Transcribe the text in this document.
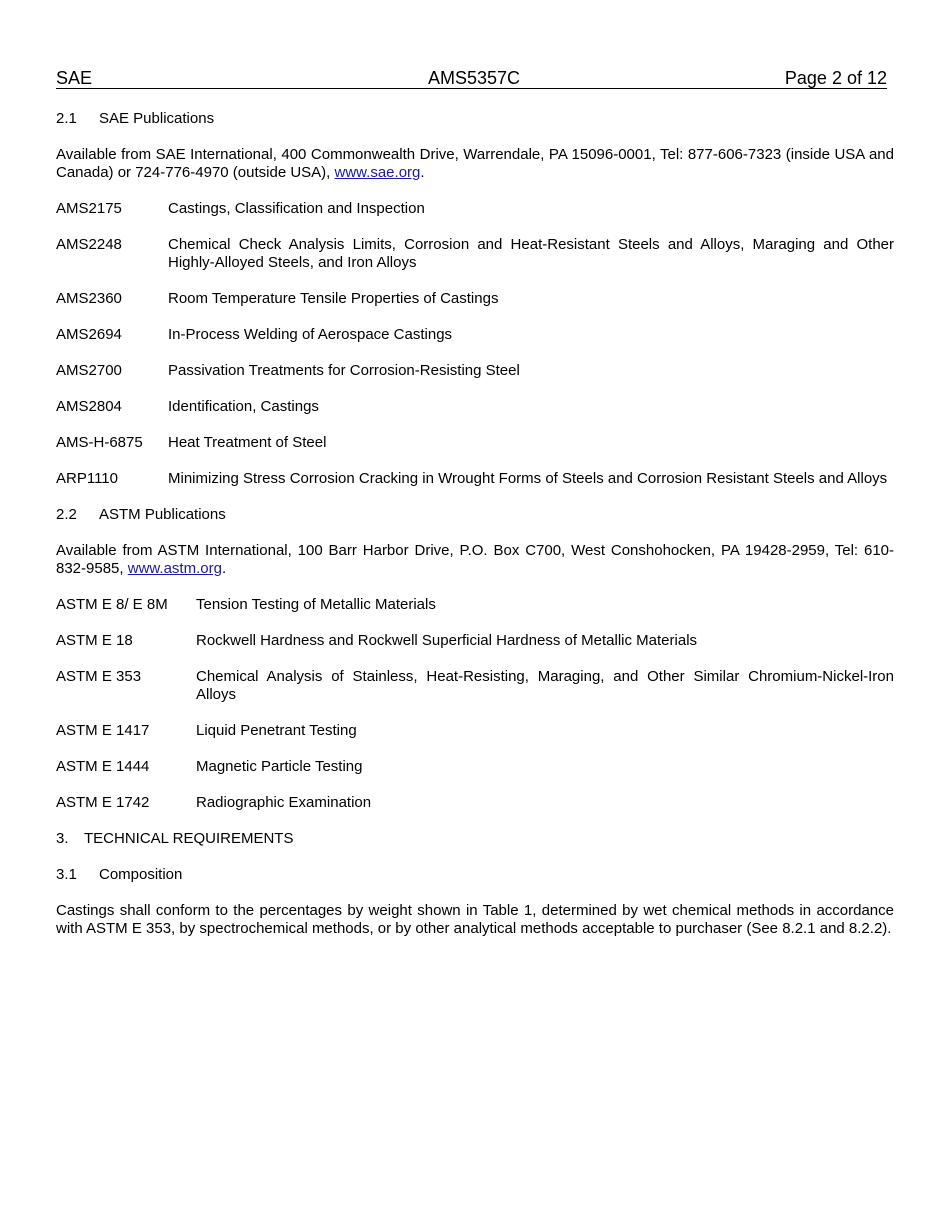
SAE	AMS5357C	Page 2 of 12
2.1 SAE Publications

Available from SAE International, 400 Commonwealth Drive, Warrendale, PA 15096-0001, Tel: 877-606-7323 (inside USA and Canada) or 724-776-4970 (outside USA), www.sae.org.

AMS2175	Castings, Classification and Inspection
AMS2248	Chemical Check Analysis Limits, Corrosion and Heat-Resistant Steels and Alloys, Maraging and Other Highly-Alloyed Steels, and Iron Alloys
AMS2360	Room Temperature Tensile Properties of Castings
AMS2694	In-Process Welding of Aerospace Castings
AMS2700	Passivation Treatments for Corrosion-Resisting Steel
AMS2804	Identification, Castings
AMS-H-6875	Heat Treatment of Steel
ARP1110	Minimizing Stress Corrosion Cracking in Wrought Forms of Steels and Corrosion Resistant Steels and Alloys
2.2 ASTM Publications

Available from ASTM International, 100 Barr Harbor Drive, P.O. Box C700, West Conshohocken, PA 19428-2959, Tel: 610-832-9585, www.astm.org.

ASTM E 8/ E 8M	Tension Testing of Metallic Materials
ASTM E 18	Rockwell Hardness and Rockwell Superficial Hardness of Metallic Materials
ASTM E 353	Chemical Analysis of Stainless, Heat-Resisting, Maraging, and Other Similar Chromium-Nickel-Iron Alloys
ASTM E 1417	Liquid Penetrant Testing
ASTM E 1444	Magnetic Particle Testing
ASTM E 1742	Radiographic Examination
3. TECHNICAL REQUIREMENTS
3.1 Composition

Castings shall conform to the percentages by weight shown in Table 1, determined by wet chemical methods in accordance with ASTM E 353, by spectrochemical methods, or by other analytical methods acceptable to purchaser (See 8.2.1 and 8.2.2).
